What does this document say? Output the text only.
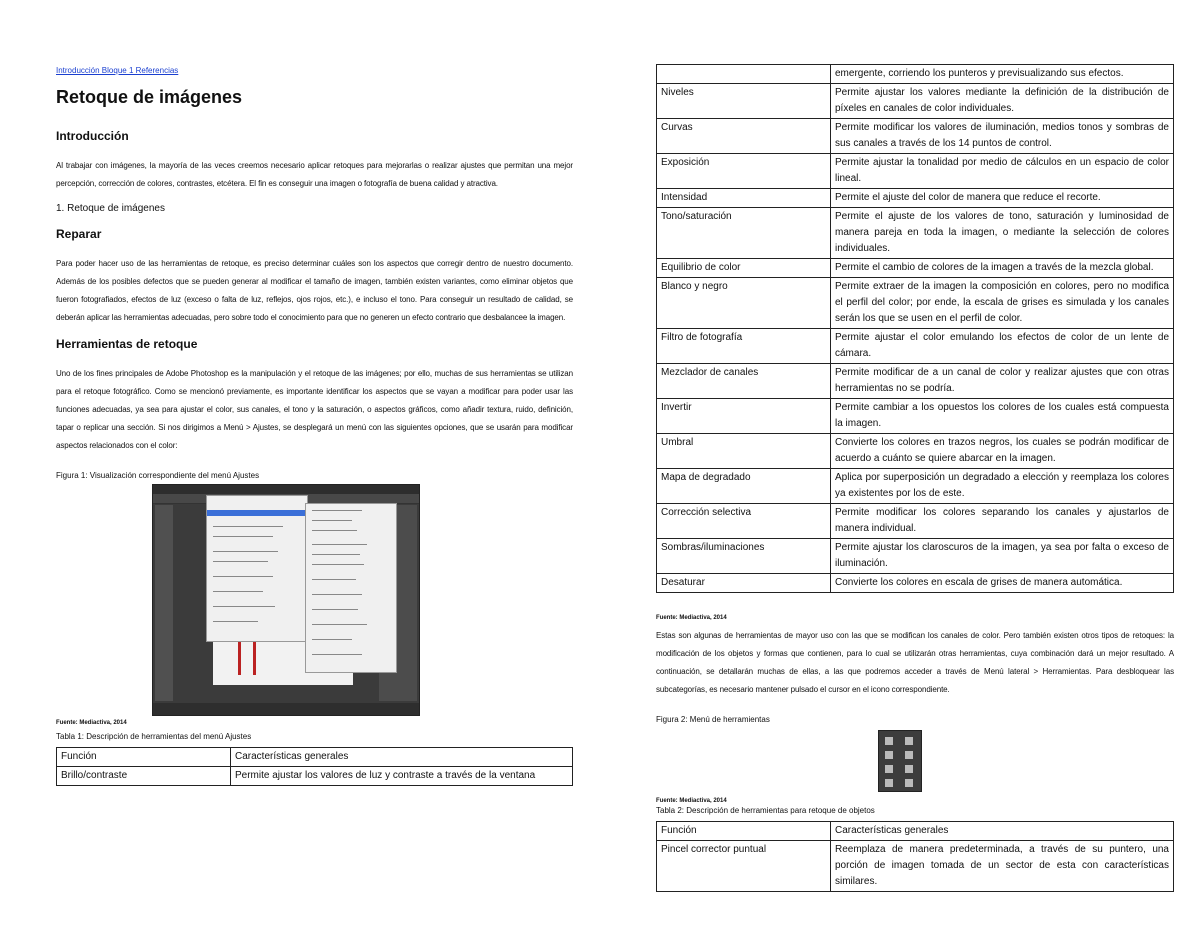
Introducción Bloque 1 Referencias
Retoque de imágenes
Introducción

Al trabajar con imágenes, la mayoría de las veces creemos necesario aplicar retoques para mejorarlas o realizar ajustes que permitan una mejor percepción, corrección de colores, contrastes, etcétera. El fin es conseguir una imagen o fotografía de buena calidad y atractiva.

1. Retoque de imágenes

Reparar

Para poder hacer uso de las herramientas de retoque, es preciso determinar cuáles son los aspectos que corregir dentro de nuestro documento. Además de los posibles defectos que se pueden generar al modificar el tamaño de imagen, también existen variantes, como eliminar objetos que fueron fotografiados, efectos de luz (exceso o falta de luz, reflejos, ojos rojos, etc.), e incluso el tono. Para conseguir un resultado de calidad, se deberán aplicar las herramientas adecuadas, pero sobre todo el conocimiento para que no generen un efecto contrario que desbalancee la imagen.

Herramientas de retoque

Uno de los fines principales de Adobe Photoshop es la manipulación y el retoque de las imágenes; por ello, muchas de sus herramientas se utilizan para el retoque fotográfico. Como se mencionó previamente, es importante identificar los aspectos que se vayan a modificar para poder usar las funciones adecuadas, ya sea para ajustar el color, sus canales, el tono y la saturación, o aspectos gráficos, como añadir textura, ruido, definición, tapar o replicar una sección. Si nos dirigimos a Menú > Ajustes, se desplegará un menú con las siguientes opciones, que se usarán para modificar aspectos relacionados con el color:

Figura 1: Visualización correspondiente del menú Ajustes

Fuente: Mediactiva, 2014

Tabla 1: Descripción de herramientas del menú Ajustes

Función	Características generales
Brillo/contraste	Permite ajustar los valores de luz y contraste a través de la ventana
	emergente, corriendo los punteros y previsualizando sus efectos.
Niveles	Permite ajustar los valores mediante la definición de la distribución de píxeles en canales de color individuales.
Curvas	Permite modificar los valores de iluminación, medios tonos y sombras de sus canales a través de los 14 puntos de control.
Exposición	Permite ajustar la tonalidad por medio de cálculos en un espacio de color lineal.
Intensidad	Permite el ajuste del color de manera que reduce el recorte.
Tono/saturación	Permite el ajuste de los valores de tono, saturación y luminosidad de manera pareja en toda la imagen, o mediante la selección de colores individuales.
Equilibrio de color	Permite el cambio de colores de la imagen a través de la mezcla global.
Blanco y negro	Permite extraer de la imagen la composición en colores, pero no modifica el perfil del color; por ende, la escala de grises es simulada y los canales serán los que se usen en el perfil de color.
Filtro de fotografía	Permite ajustar el color emulando los efectos de color de un lente de cámara.
Mezclador de canales	Permite modificar de a un canal de color y realizar ajustes que con otras herramientas no se podría.
Invertir	Permite cambiar a los opuestos los colores de los cuales está compuesta la imagen.
Umbral	Convierte los colores en trazos negros, los cuales se podrán modificar de acuerdo a cuánto se quiere abarcar en la imagen.
Mapa de degradado	Aplica por superposición un degradado a elección y reemplaza los colores ya existentes por los de este.
Corrección selectiva	Permite modificar los colores separando los canales y ajustarlos de manera individual.
Sombras/iluminaciones	Permite ajustar los claroscuros de la imagen, ya sea por falta o exceso de iluminación.
Desaturar	Convierte los colores en escala de grises de manera automática.

Fuente: Mediactiva, 2014

Estas son algunas de herramientas de mayor uso con las que se modifican los canales de color. Pero también existen otros tipos de retoques: la modificación de los objetos y formas que contienen, para lo cual se utilizarán otras herramientas, cuya combinación dará un mejor resultado. A continuación, se detallarán muchas de ellas, a las que podremos acceder a través de Menú lateral > Herramientas. Para desbloquear las subcategorías, es necesario mantener pulsado el cursor en el icono correspondiente.

Figura 2: Menú de herramientas

Fuente: Mediactiva, 2014

Tabla 2: Descripción de herramientas para retoque de objetos

Función	Características generales
Pincel corrector puntual	Reemplaza de manera predeterminada, a través de su puntero, una porción de imagen tomada de un sector de esta con características similares.
